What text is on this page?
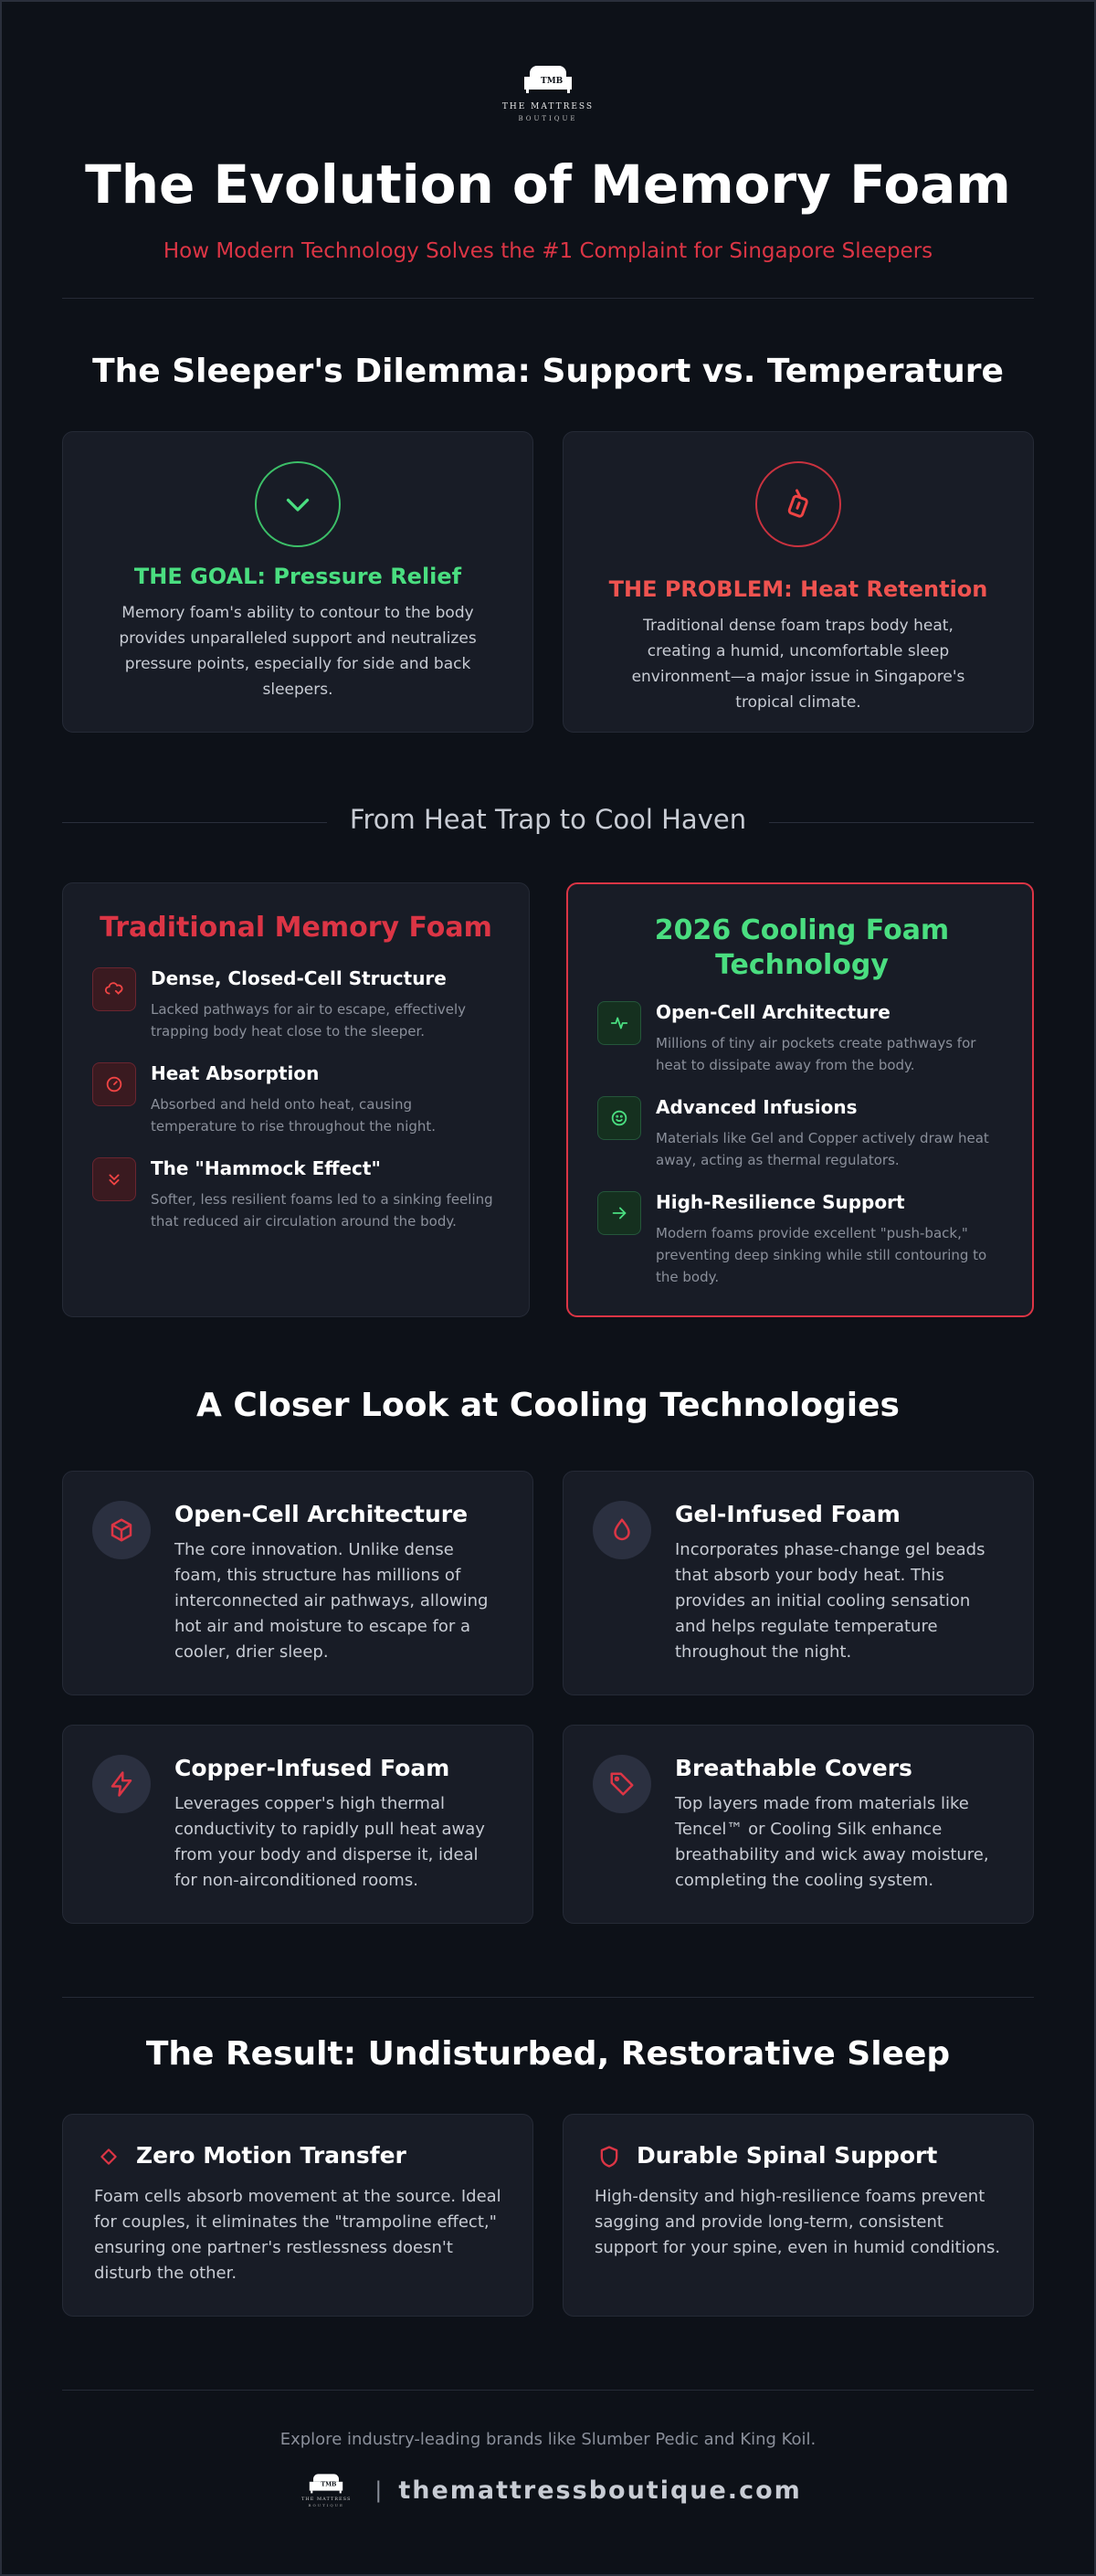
TMB
THE MATTRESS
BOUTIQUE
The Evolution of Memory Foam
How Modern Technology Solves the #1 Complaint for Singapore Sleepers
The Sleeper's Dilemma: Support vs. Temperature
THE GOAL: Pressure Relief
Memory foam's ability to contour to the body provides unparalleled support and neutralizes pressure points, especially for side and back sleepers.
THE PROBLEM: Heat Retention
Traditional dense foam traps body heat, creating a humid, uncomfortable sleep environment—a major issue in Singapore's tropical climate.
From Heat Trap to Cool Haven
Traditional Memory Foam
Dense, Closed-Cell Structure
Lacked pathways for air to escape, effectively trapping body heat close to the sleeper.
Heat Absorption
Absorbed and held onto heat, causing temperature to rise throughout the night.
The "Hammock Effect"
Softer, less resilient foams led to a sinking feeling that reduced air circulation around the body.
2026 Cooling Foam Technology
Open-Cell Architecture
Millions of tiny air pockets create pathways for heat to dissipate away from the body.
Advanced Infusions
Materials like Gel and Copper actively draw heat away, acting as thermal regulators.
High-Resilience Support
Modern foams provide excellent "push-back," preventing deep sinking while still contouring to the body.
A Closer Look at Cooling Technologies
Open-Cell Architecture
The core innovation. Unlike dense foam, this structure has millions of interconnected air pathways, allowing hot air and moisture to escape for a cooler, drier sleep.
Gel-Infused Foam
Incorporates phase-change gel beads that absorb your body heat. This provides an initial cooling sensation and helps regulate temperature throughout the night.
Copper-Infused Foam
Leverages copper's high thermal conductivity to rapidly pull heat away from your body and disperse it, ideal for non-airconditioned rooms.
Breathable Covers
Top layers made from materials like Tencel™ or Cooling Silk enhance breathability and wick away moisture, completing the cooling system.
The Result: Undisturbed, Restorative Sleep
Zero Motion Transfer
Foam cells absorb movement at the source. Ideal for couples, it eliminates the "trampoline effect," ensuring one partner's restlessness doesn't disturb the other.
Durable Spinal Support
High-density and high-resilience foams prevent sagging and provide long-term, consistent support for your spine, even in humid conditions.
Explore industry-leading brands like Slumber Pedic and King Koil.
TMB
THE MATTRESS
BOUTIQUE
| themattressboutique.com
